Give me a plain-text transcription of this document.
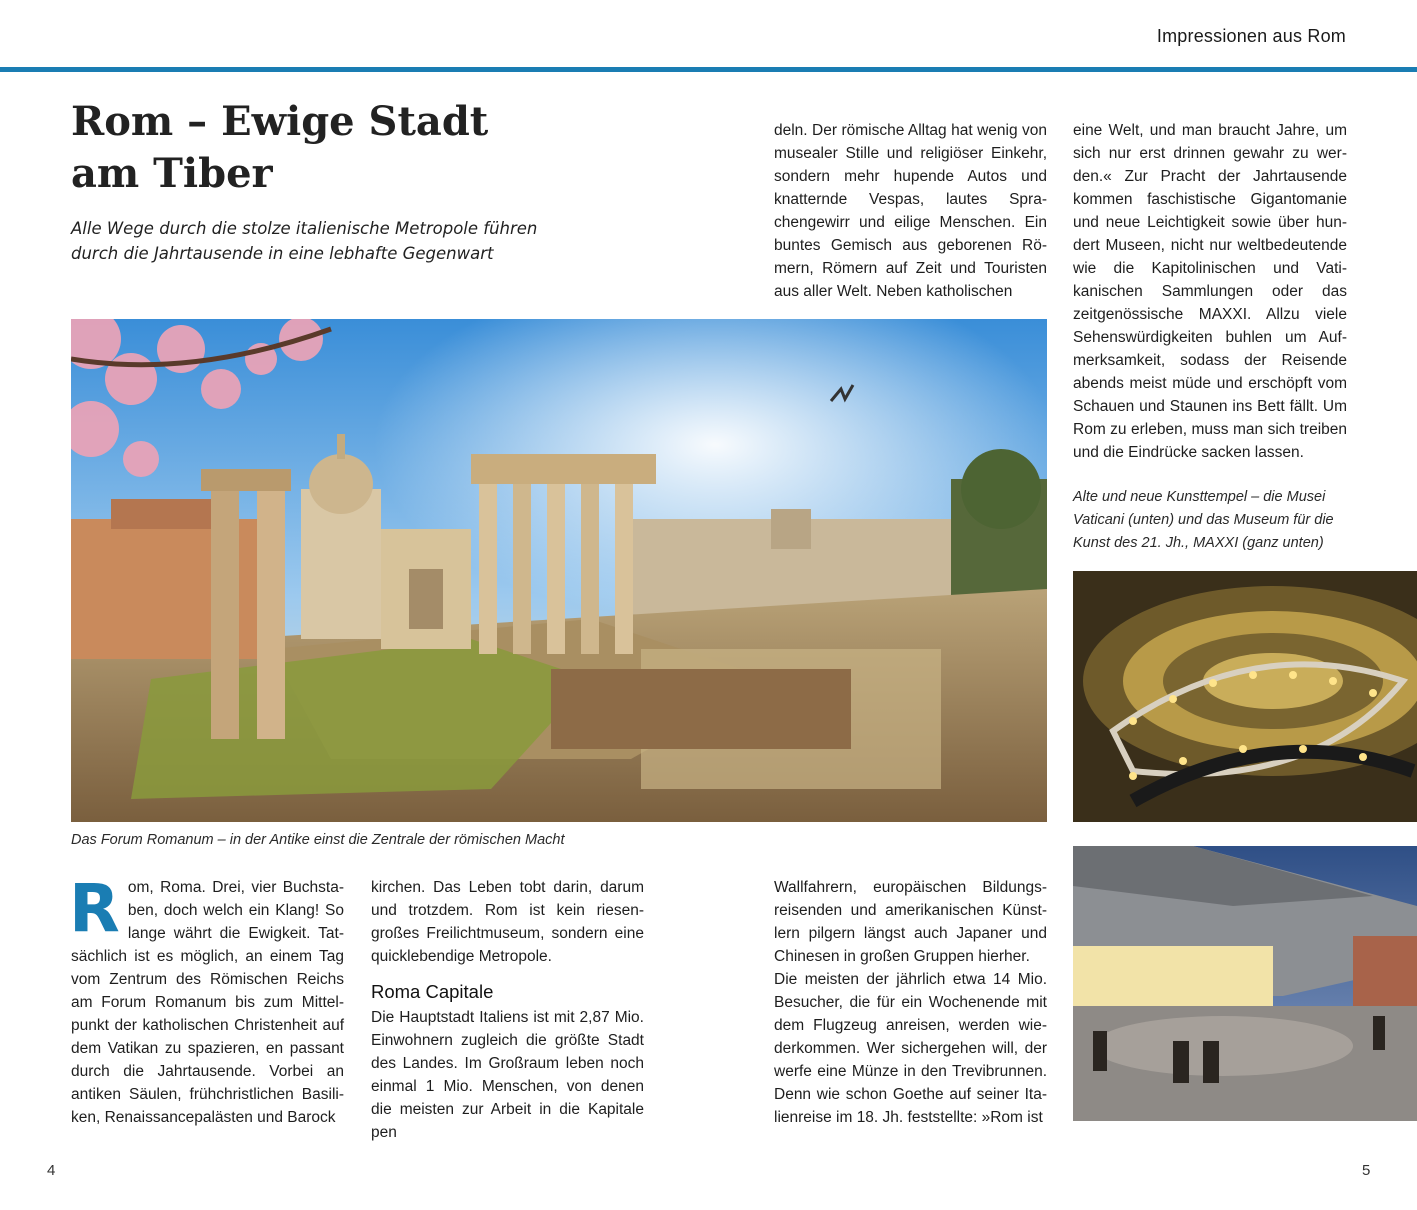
Impressionen aus Rom
Rom – Ewige Stadt
am Tiber
Alle Wege durch die stolze italienische Metropole führen
durch die Jahrtausende in eine lebhafte Gegenwart

deln. Der römische Alltag hat wenig von musealer Stille und religiöser Einkehr, sondern mehr hupende Autos und knatternde Vespas, lautes Sprachengewirr und eilige Menschen. Ein buntes Gemisch aus geborenen Römern, Römern auf Zeit und Touristen aus aller Welt. Neben katholischen

eine Welt, und man braucht Jahre, um sich nur erst drinnen gewahr zu werden.« Zur Pracht der Jahrtausende kommen faschistische Gigantomanie und neue Leichtigkeit sowie über hundert Museen, nicht nur weltbedeutende wie die Kapitolinischen und Vatikanischen Sammlungen oder das zeitgenössische MAXXI. Allzu viele Sehenswürdigkeiten buhlen um Aufmerksamkeit, sodass der Reisende abends meist müde und erschöpft vom Schauen und Staunen ins Bett fällt. Um Rom zu erleben, muss man sich treiben und die Eindrücke sacken lassen.

Alte und neue Kunsttempel – die Musei Vaticani (unten) und das Museum für die Kunst des 21. Jh., MAXXI (ganz unten)
Das Forum Romanum – in der Antike einst die Zentrale der römischen Macht
R om, Roma. Drei, vier Buchstaben, doch welch ein Klang! So lange währt die Ewigkeit. Tatsächlich ist es möglich, an einem Tag vom Zentrum des Römischen Reichs am Forum Romanum bis zum Mittelpunkt der katholischen Christenheit auf dem Vatikan zu spazieren, en passant durch die Jahrtausende. Vorbei an antiken Säulen, frühchristlichen Basiliken, Renaissancepalästen und Barock

kirchen. Das Leben tobt darin, darum und trotzdem. Rom ist kein riesengroßes Freilichtmuseum, sondern eine quicklebendige Metropole.

Roma Capitale

Die Hauptstadt Italiens ist mit 2,87 Mio. Einwohnern zugleich die größte Stadt des Landes. Im Großraum leben noch einmal 1 Mio. Menschen, von denen die meisten zur Arbeit in die Kapitale pen

Wallfahrern, europäischen Bildungsreisenden und amerikanischen Künstlern pilgern längst auch Japaner und Chinesen in großen Gruppen hierher.

Die meisten der jährlich etwa 14 Mio. Besucher, die für ein Wochenende mit dem Flugzeug anreisen, werden wiederkommen. Wer sichergehen will, der werfe eine Münze in den Trevibrunnen. Denn wie schon Goethe auf seiner Italienreise im 18. Jh. feststellte: »Rom ist

4	5
